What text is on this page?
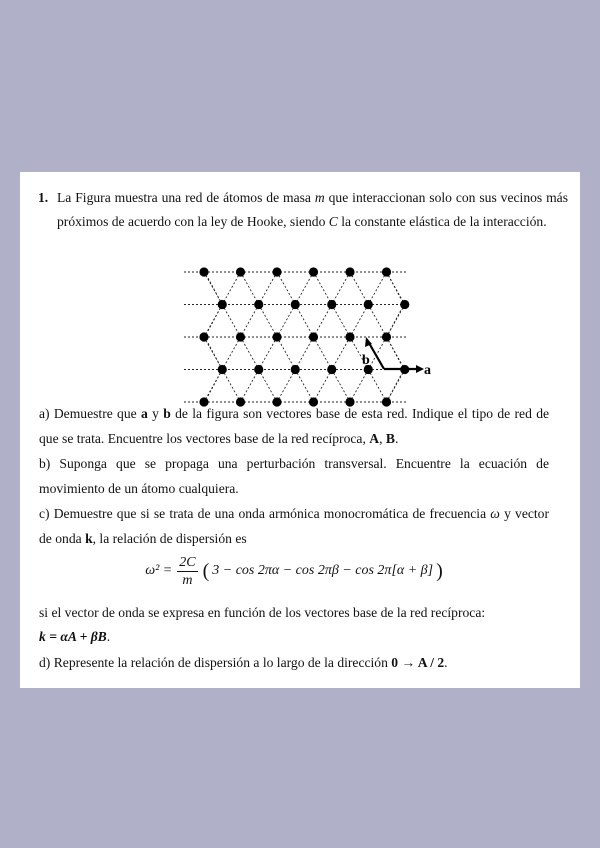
1. La Figura muestra una red de átomos de masa m que interaccionan solo con sus vecinos más próximos de acuerdo con la ley de Hooke, siendo C la constante elástica de la interacción.
a
b

a) Demuestre que a y b de la figura son vectores base de esta red. Indique el tipo de red de que se trata. Encuentre los vectores base de la red recíproca, A, B.

b) Suponga que se propaga una perturbación transversal. Encuentre la ecuación de movimiento de un átomo cualquiera.

c) Demuestre que si se trata de una onda armónica monocromática de frecuencia ω y vector de onda k, la relación de dispersión es

$\omega^2 = \frac{2C}{m}$ ( 3 − cos 2πα − cos 2πβ − cos 2π[α + β] )

si el vector de onda se expresa en función de los vectores base de la red recíproca:
k = αA + βB.

d) Represente la relación de dispersión a lo largo de la dirección 0 → A / 2.
